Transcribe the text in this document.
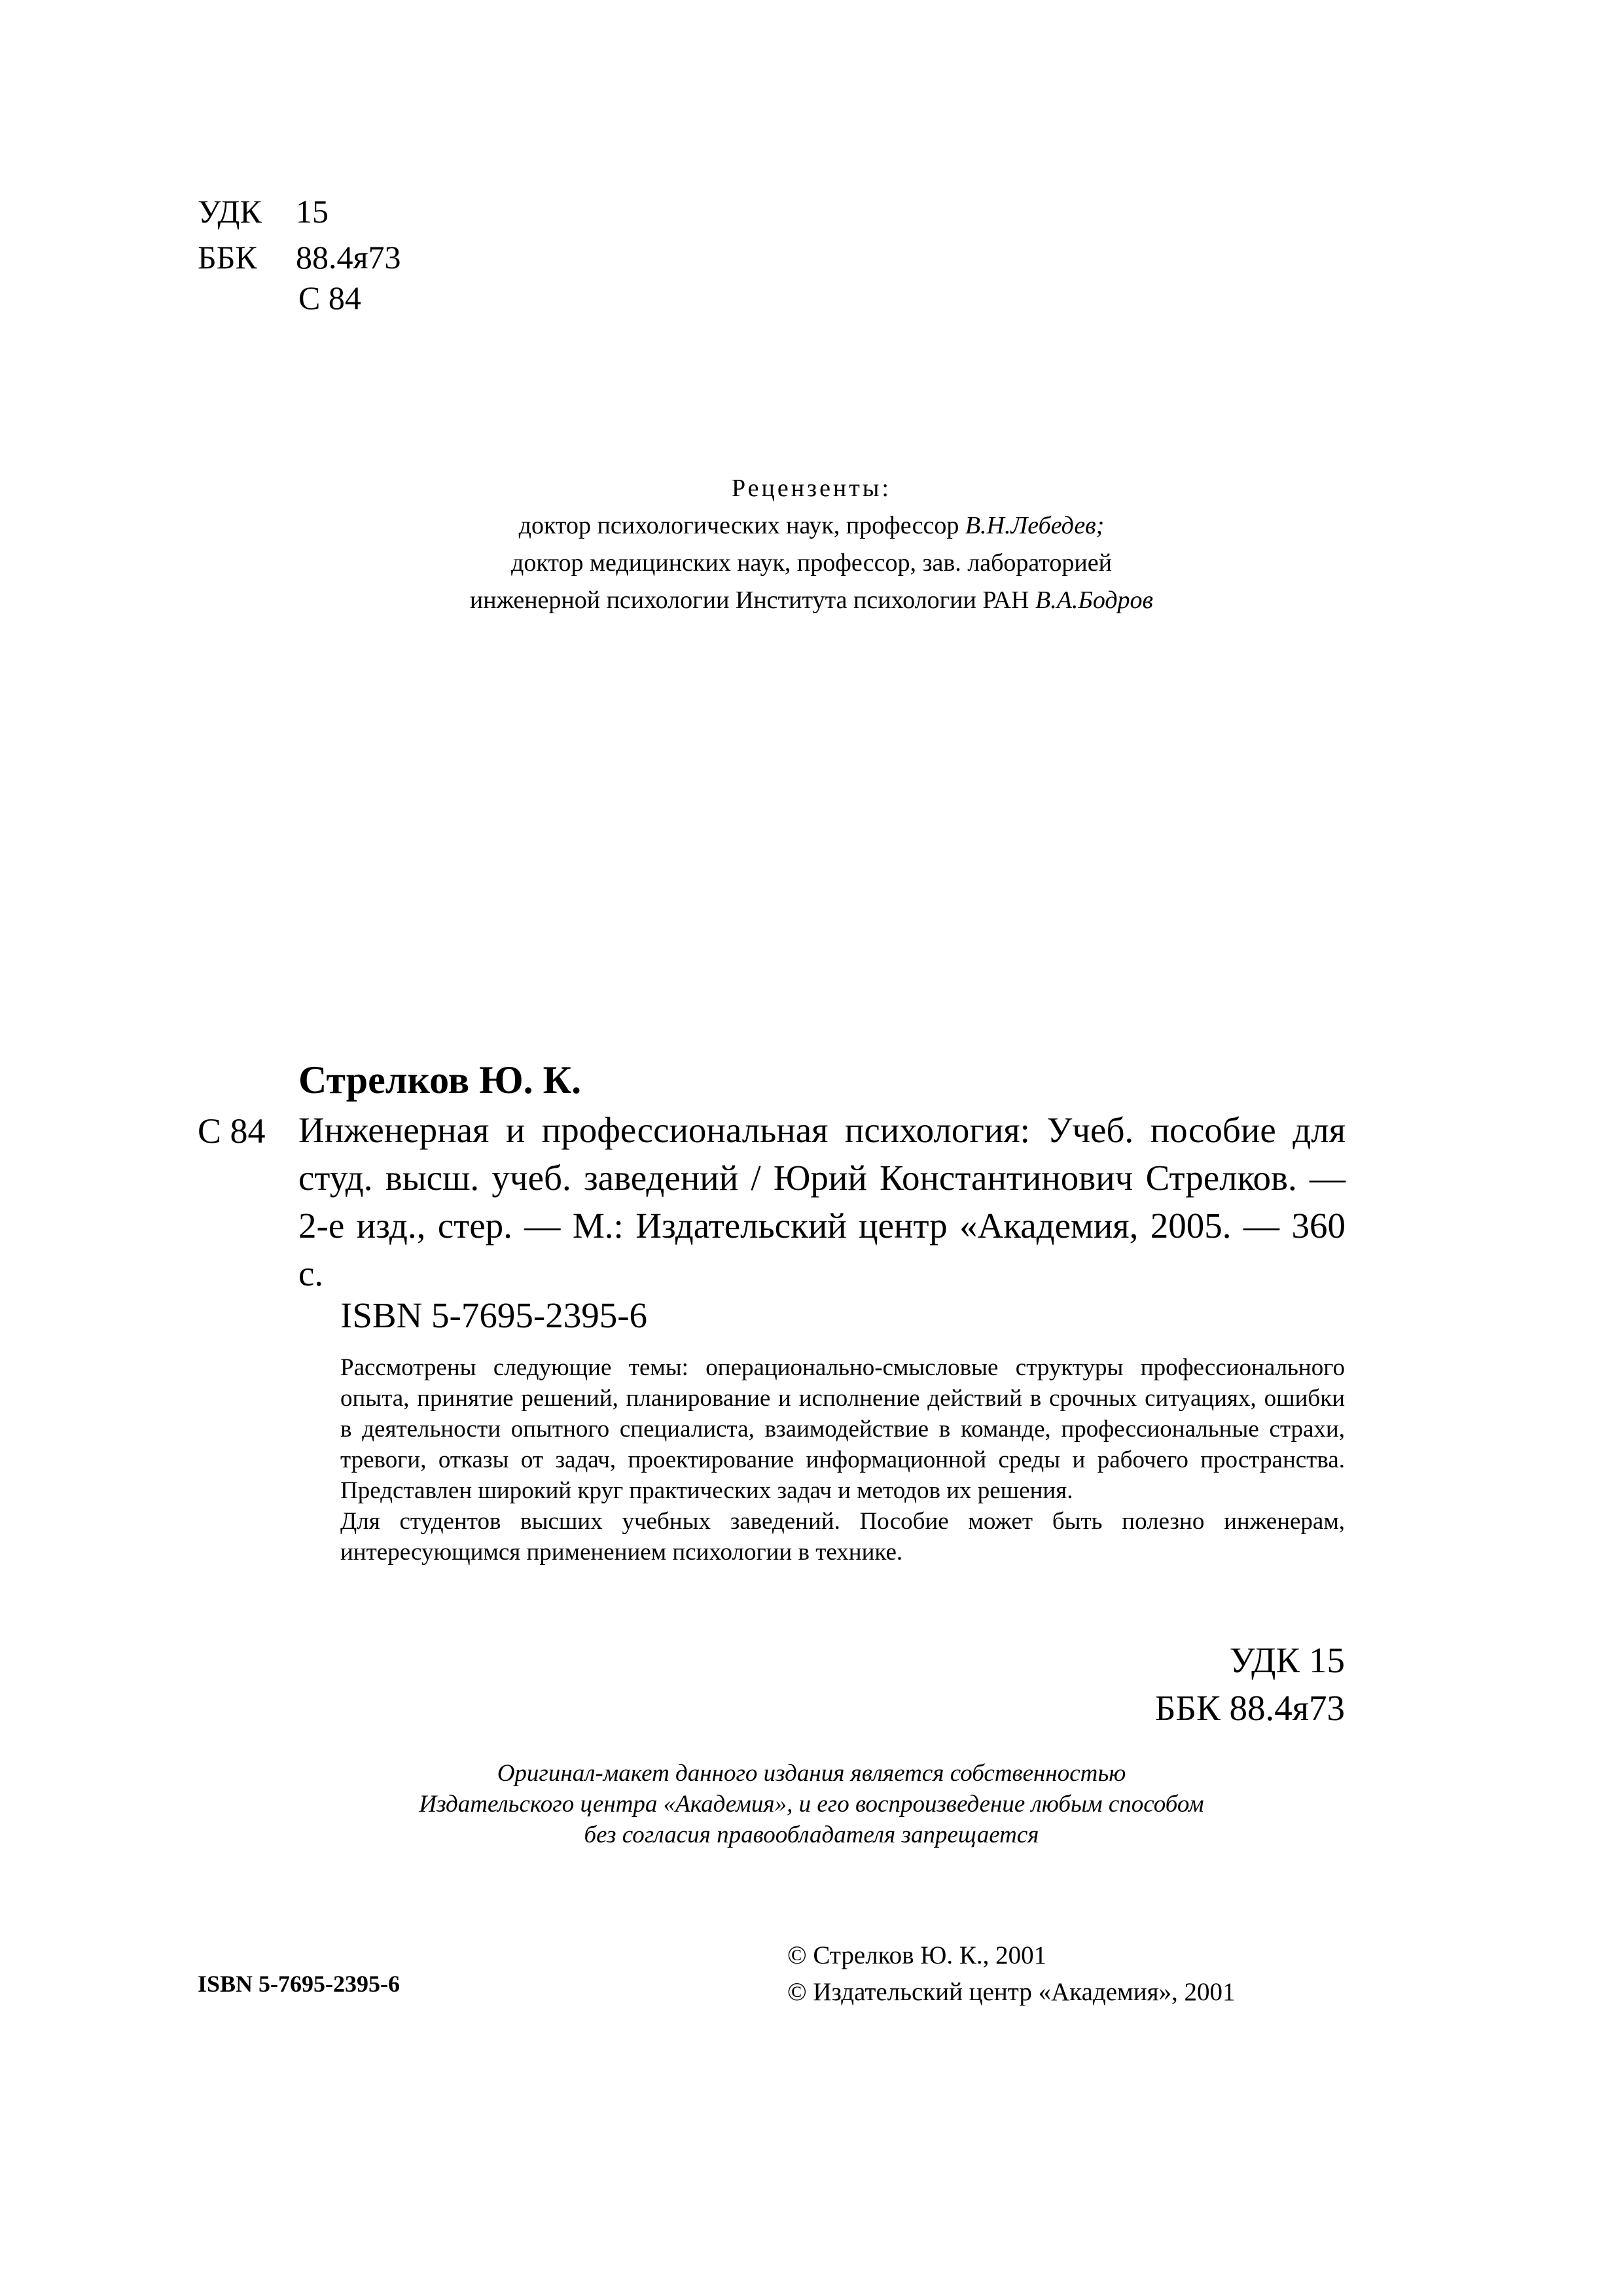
УДК	15
ББК	88.4я73
С 84
Рецензенты:
доктор психологических наук, профессор В.Н.Лебедев;
доктор медицинских наук, профессор, зав. лабораторией
инженерной психологии Института психологии РАН В.А.Бодров
Стрелков Ю. К.
С 84 Инженерная и профессиональная психология: Учеб. пособие для студ. высш. учеб. заведений / Юрий Константинович Стрелков. — 2-е изд., стер. — М.: Издательский центр «Академия, 2005. — 360 с.
ISBN 5-7695-2395-6

Рассмотрены следующие темы: операционально-смысловые структуры профессионального опыта, принятие решений, планирование и исполнение действий в срочных ситуациях, ошибки в деятельности опытного специалиста, взаимодействие в команде, профессиональные страхи, тревоги, отказы от задач, проектирование информационной среды и рабочего пространства. Представлен широкий круг практических задач и методов их решения.

Для студентов высших учебных заведений. Пособие может быть полезно инженерам, интересующимся применением психологии в технике.

УДК 15
ББК 88.4я73
Оригинал-макет данного издания является собственностью
Издательского центра «Академия», и его воспроизведение любым способом
без согласия правообладателя запрещается
ISBN 5-7695-2395-6
© Стрелков Ю. К., 2001
© Издательский центр «Академия», 2001
